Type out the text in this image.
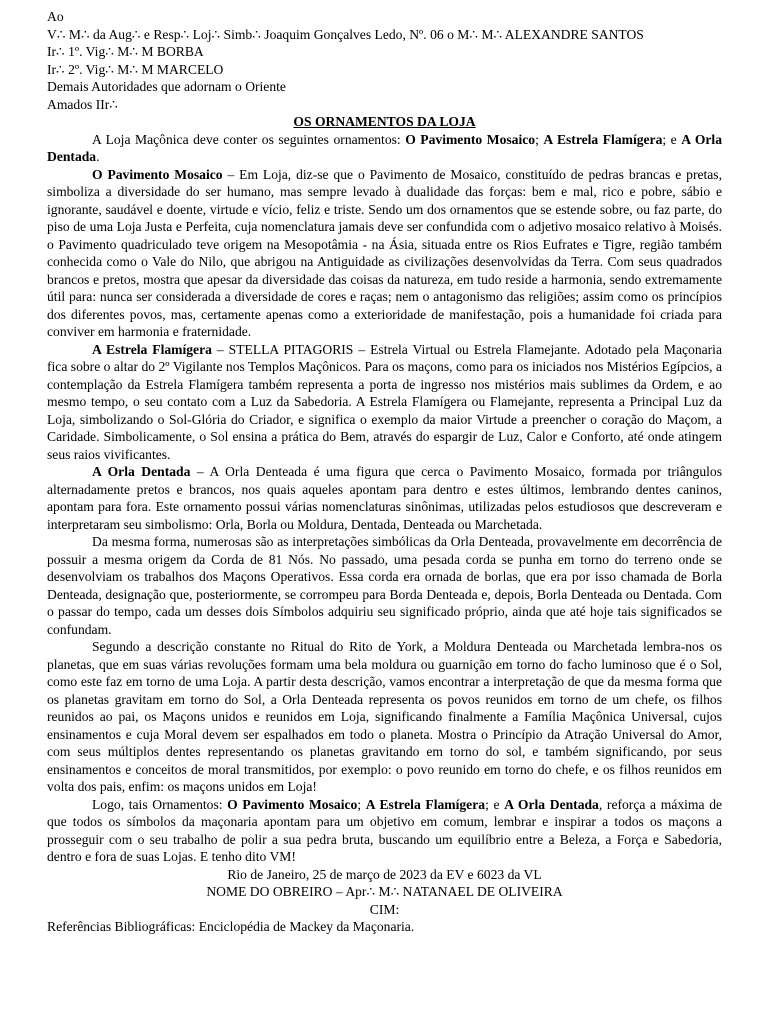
Ao
V∴ M∴ da Aug∴ e Resp∴ Loj∴ Simb∴ Joaquim Gonçalves Ledo, Nº. 06 o M∴ M∴ ALEXANDRE SANTOS
Ir∴ 1º. Vig∴ M∴ M BORBA
Ir∴ 2º. Vig∴ M∴ M MARCELO
Demais Autoridades que adornam o Oriente
Amados IIr∴
OS ORNAMENTOS DA LOJA

A Loja Maçônica deve conter os seguintes ornamentos: O Pavimento Mosaico; A Estrela Flamígera; e A Orla Dentada.

O Pavimento Mosaico – Em Loja, diz-se que o Pavimento de Mosaico, constituído de pedras brancas e pretas, simboliza a diversidade do ser humano, mas sempre levado à dualidade das forças: bem e mal, rico e pobre, sábio e ignorante, saudável e doente, virtude e vício, feliz e triste. Sendo um dos ornamentos que se estende sobre, ou faz parte, do piso de uma Loja Justa e Perfeita, cuja nomenclatura jamais deve ser confundida com o adjetivo mosaico relativo à Moisés. o Pavimento quadriculado teve origem na Mesopotâmia - na Ásia, situada entre os Rios Eufrates e Tigre, região também conhecida como o Vale do Nilo, que abrigou na Antiguidade as civilizações desenvolvidas da Terra. Com seus quadrados brancos e pretos, mostra que apesar da diversidade das coisas da natureza, em tudo reside a harmonia, sendo extremamente útil para: nunca ser considerada a diversidade de cores e raças; nem o antagonismo das religiões; assim como os princípios dos diferentes povos, mas, certamente apenas como a exterioridade de manifestação, pois a humanidade foi criada para conviver em harmonia e fraternidade.

A Estrela Flamígera – STELLA PITAGORIS – Estrela Virtual ou Estrela Flamejante. Adotado pela Maçonaria fica sobre o altar do 2º Vigilante nos Templos Maçônicos. Para os maçons, como para os iniciados nos Mistérios Egípcios, a contemplação da Estrela Flamígera também representa a porta de ingresso nos mistérios mais sublimes da Ordem, e ao mesmo tempo, o seu contato com a Luz da Sabedoria. A Estrela Flamígera ou Flamejante, representa a Principal Luz da Loja, simbolizando o Sol-Glória do Criador, e significa o exemplo da maior Virtude a preencher o coração do Maçom, a Caridade. Simbolicamente, o Sol ensina a prática do Bem, através do espargir de Luz, Calor e Conforto, até onde atingem seus raios vivificantes.

A Orla Dentada – A Orla Denteada é uma figura que cerca o Pavimento Mosaico, formada por triângulos alternadamente pretos e brancos, nos quais aqueles apontam para dentro e estes últimos, lembrando dentes caninos, apontam para fora. Este ornamento possui várias nomenclaturas sinônimas, utilizadas pelos estudiosos que descreveram e interpretaram seu simbolismo: Orla, Borla ou Moldura, Dentada, Denteada ou Marchetada.

Da mesma forma, numerosas são as interpretações simbólicas da Orla Denteada, provavelmente em decorrência de possuir a mesma origem da Corda de 81 Nós. No passado, uma pesada corda se punha em torno do terreno onde se desenvolviam os trabalhos dos Maçons Operativos. Essa corda era ornada de borlas, que era por isso chamada de Borla Denteada, designação que, posteriormente, se corrompeu para Borda Denteada e, depois, Borla Denteada ou Dentada. Com o passar do tempo, cada um desses dois Símbolos adquiriu seu significado próprio, ainda que até hoje tais significados se confundam.

Segundo a descrição constante no Ritual do Rito de York, a Moldura Denteada ou Marchetada lembra-nos os planetas, que em suas várias revoluções formam uma bela moldura ou guarnição em torno do facho luminoso que é o Sol, como este faz em torno de uma Loja. A partir desta descrição, vamos encontrar a interpretação de que da mesma forma que os planetas gravitam em torno do Sol, a Orla Denteada representa os povos reunidos em torno de um chefe, os filhos reunidos ao pai, os Maçons unidos e reunidos em Loja, significando finalmente a Família Maçônica Universal, cujos ensinamentos e cuja Moral devem ser espalhados em todo o planeta. Mostra o Princípio da Atração Universal do Amor, com seus múltiplos dentes representando os planetas gravitando em torno do sol, e também significando, por seus ensinamentos e conceitos de moral transmitidos, por exemplo: o povo reunido em torno do chefe, e os filhos reunidos em volta dos pais, enfim: os maçons unidos em Loja!

Logo, tais Ornamentos: O Pavimento Mosaico; A Estrela Flamígera; e A Orla Dentada, reforça a máxima de que todos os símbolos da maçonaria apontam para um objetivo em comum, lembrar e inspirar a todos os maçons a prosseguir com o seu trabalho de polir a sua pedra bruta, buscando um equilíbrio entre a Beleza, a Força e Sabedoria, dentro e fora de suas Lojas. E tenho dito VM!

Rio de Janeiro, 25 de março de 2023 da EV e 6023 da VL
NOME DO OBREIRO – Apr∴ M∴ NATANAEL DE OLIVEIRA
CIM:
Referências Bibliográficas: Enciclopédia de Mackey da Maçonaria.
